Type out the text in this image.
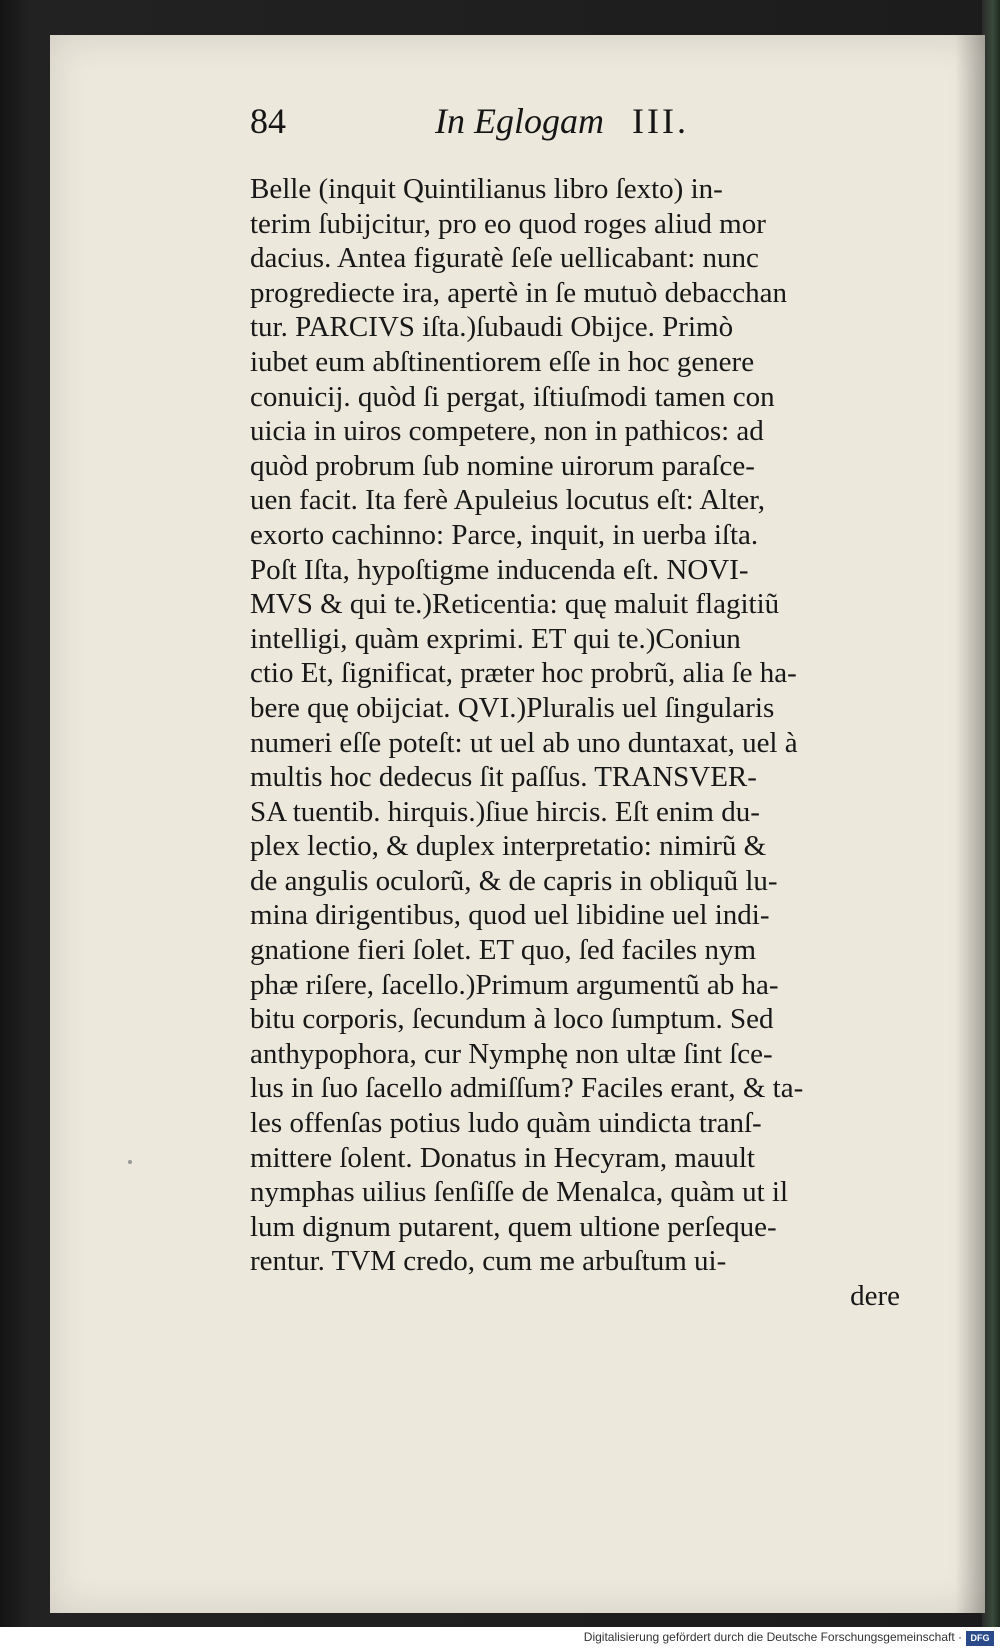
84	In Eglogam III.
Belle (inquit Quintilianus libro ſexto) in-
terim ſubijcitur, pro eo quod roges aliud mor
dacius. Antea figuratè ſeſe uellicabant: nunc
progrediecte ira, apertè in ſe mutuò debacchan
tur. PARCIVS iſta.)ſubaudi Obijce. Primò
iubet eum abſtinentiorem eſſe in hoc genere
conuicij. quòd ſi pergat, iſtiuſmodi tamen con
uicia in uiros competere, non in pathicos: ad
quòd probrum ſub nomine uirorum paraſce-
uen facit. Ita ferè Apuleius locutus eſt: Alter,
exorto cachinno: Parce, inquit, in uerba iſta.
Poſt Iſta, hypoſtigme inducenda eſt. NOVI-
MVS & qui te.)Reticentia: quę maluit flagitiũ
intelligi, quàm exprimi. ET qui te.)Coniun
ctio Et, ſignificat, præter hoc probrũ, alia ſe ha-
bere quę obijciat. QVI.)Pluralis uel ſingularis
numeri eſſe poteſt: ut uel ab uno duntaxat, uel à
multis hoc dedecus ſit paſſus. TRANSVER-
SA tuentib. hirquis.)ſiue hircis. Eſt enim du-
plex lectio, & duplex interpretatio: nimirũ &
de angulis oculorũ, & de capris in obliquũ lu-
mina dirigentibus, quod uel libidine uel indi-
gnatione fieri ſolet. ET quo, ſed faciles nym
phæ riſere, ſacello.)Primum argumentũ ab ha-
bitu corporis, ſecundum à loco ſumptum. Sed
anthypophora, cur Nymphę non ultæ ſint ſce-
lus in ſuo ſacello admiſſum? Faciles erant, & ta-
les offenſas potius ludo quàm uindicta tranſ-
mittere ſolent. Donatus in Hecyram, mauult
nymphas uilius ſenſiſſe de Menalca, quàm ut il
lum dignum putarent, quem ultione perſeque-
rentur. TVM credo, cum me arbuſtum ui-
dere
Digitalisierung gefördert durch die Deutsche Forschungsgemeinschaft · DFG
